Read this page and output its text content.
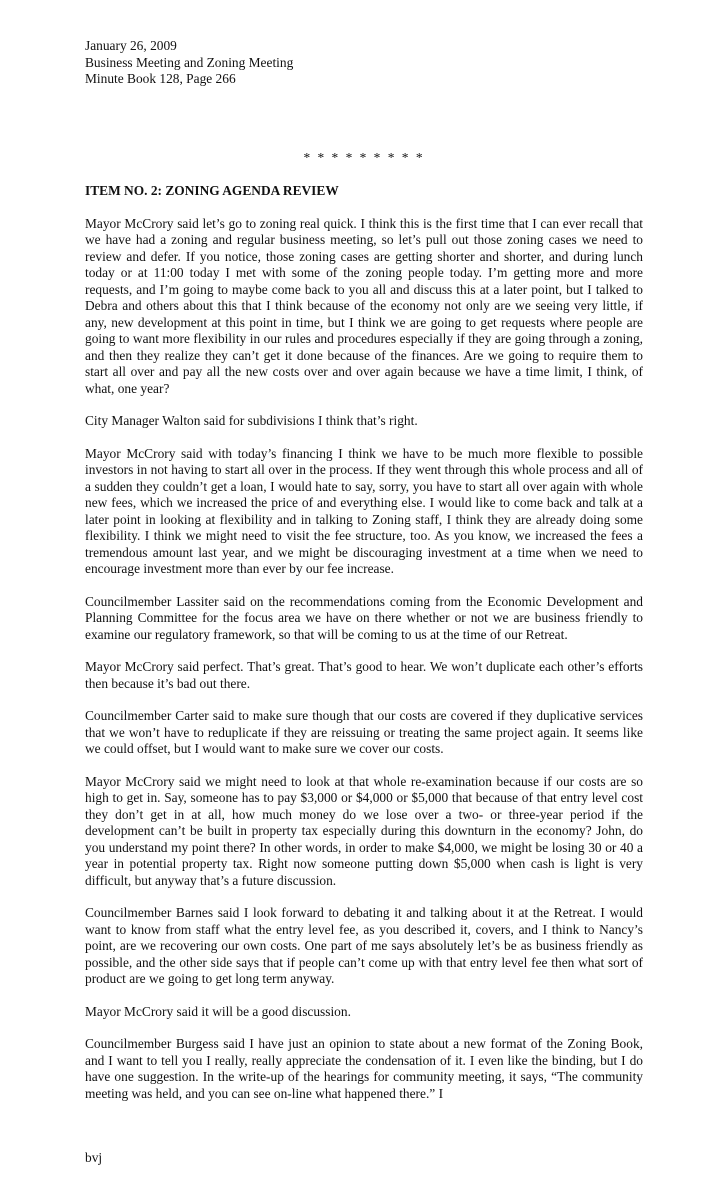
January 26, 2009

Business Meeting and Zoning Meeting

Minute Book 128, Page 266

* * * * * * * * *
ITEM NO. 2: ZONING AGENDA REVIEW

Mayor McCrory said let’s go to zoning real quick. I think this is the first time that I can ever recall that we have had a zoning and regular business meeting, so let’s pull out those zoning cases we need to review and defer. If you notice, those zoning cases are getting shorter and shorter, and during lunch today or at 11:00 today I met with some of the zoning people today. I’m getting more and more requests, and I’m going to maybe come back to you all and discuss this at a later point, but I talked to Debra and others about this that I think because of the economy not only are we seeing very little, if any, new development at this point in time, but I think we are going to get requests where people are going to want more flexibility in our rules and procedures especially if they are going through a zoning, and then they realize they can’t get it done because of the finances. Are we going to require them to start all over and pay all the new costs over and over again because we have a time limit, I think, of what, one year?

City Manager Walton said for subdivisions I think that’s right.

Mayor McCrory said with today’s financing I think we have to be much more flexible to possible investors in not having to start all over in the process. If they went through this whole process and all of a sudden they couldn’t get a loan, I would hate to say, sorry, you have to start all over again with whole new fees, which we increased the price of and everything else. I would like to come back and talk at a later point in looking at flexibility and in talking to Zoning staff, I think they are already doing some flexibility. I think we might need to visit the fee structure, too. As you know, we increased the fees a tremendous amount last year, and we might be discouraging investment at a time when we need to encourage investment more than ever by our fee increase.

Councilmember Lassiter said on the recommendations coming from the Economic Development and Planning Committee for the focus area we have on there whether or not we are business friendly to examine our regulatory framework, so that will be coming to us at the time of our Retreat.

Mayor McCrory said perfect. That’s great. That’s good to hear. We won’t duplicate each other’s efforts then because it’s bad out there.

Councilmember Carter said to make sure though that our costs are covered if they duplicative services that we won’t have to reduplicate if they are reissuing or treating the same project again. It seems like we could offset, but I would want to make sure we cover our costs.

Mayor McCrory said we might need to look at that whole re-examination because if our costs are so high to get in. Say, someone has to pay $3,000 or $4,000 or $5,000 that because of that entry level cost they don’t get in at all, how much money do we lose over a two- or three-year period if the development can’t be built in property tax especially during this downturn in the economy? John, do you understand my point there? In other words, in order to make $4,000, we might be losing 30 or 40 a year in potential property tax. Right now someone putting down $5,000 when cash is light is very difficult, but anyway that’s a future discussion.

Councilmember Barnes said I look forward to debating it and talking about it at the Retreat. I would want to know from staff what the entry level fee, as you described it, covers, and I think to Nancy’s point, are we recovering our own costs. One part of me says absolutely let’s be as business friendly as possible, and the other side says that if people can’t come up with that entry level fee then what sort of product are we going to get long term anyway.

Mayor McCrory said it will be a good discussion.

Councilmember Burgess said I have just an opinion to state about a new format of the Zoning Book, and I want to tell you I really, really appreciate the condensation of it. I even like the binding, but I do have one suggestion. In the write-up of the hearings for community meeting, it says, “The community meeting was held, and you can see on-line what happened there.” I

bvj
